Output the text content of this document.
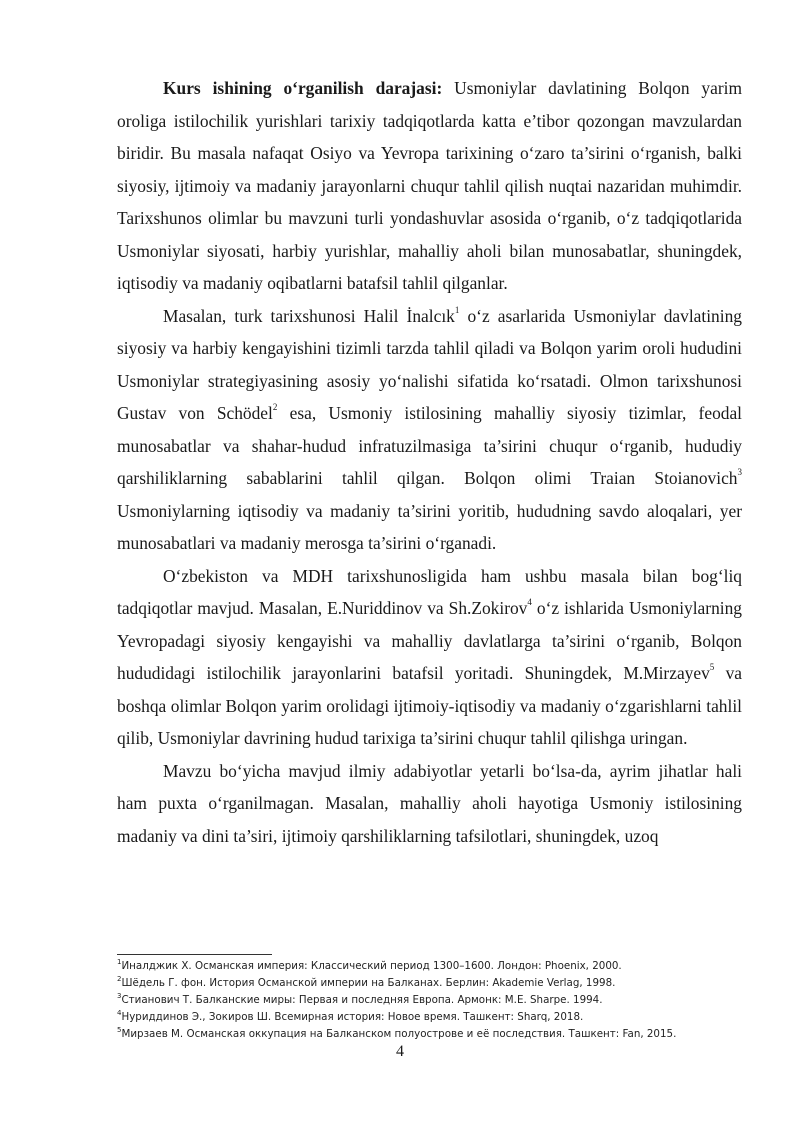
Kurs ishining o‘rganilish darajasi: Usmoniylar davlatining Bolqon yarim oroliga istilochilik yurishlari tarixiy tadqiqotlarda katta e’tibor qozongan mavzulardan biridir. Bu masala nafaqat Osiyo va Yevropa tarixining o‘zaro ta’sirini o‘rganish, balki siyosiy, ijtimoiy va madaniy jarayonlarni chuqur tahlil qilish nuqtai nazaridan muhimdir. Tarixshunos olimlar bu mavzuni turli yondashuvlar asosida o‘rganib, o‘z tadqiqotlarida Usmoniylar siyosati, harbiy yurishlar, mahalliy aholi bilan munosabatlar, shuningdek, iqtisodiy va madaniy oqibatlarni batafsil tahlil qilganlar.

Masalan, turk tarixshunosi Halil İnalcık$^1$ o‘z asarlarida Usmoniylar davlatining siyosiy va harbiy kengayishini tizimli tarzda tahlil qiladi va Bolqon yarim oroli hududini Usmoniylar strategiyasining asosiy yo‘nalishi sifatida ko‘rsatadi. Olmon tarixshunosi Gustav von Schödel$^2$ esa, Usmoniy istilosining mahalliy siyosiy tizimlar, feodal munosabatlar va shahar-hudud infratuzilmasiga ta’sirini chuqur o‘rganib, hududiy qarshiliklarning sabablarini tahlil qilgan. Bolqon olimi Traian Stoianovich$^3$ Usmoniylarning iqtisodiy va madaniy ta’sirini yoritib, hududning savdo aloqalari, yer munosabatlari va madaniy merosga ta’sirini o‘rganadi.

O‘zbekiston va MDH tarixshunosligida ham ushbu masala bilan bog‘liq tadqiqotlar mavjud. Masalan, E.Nuriddinov va Sh.Zokirov$^4$ o‘z ishlarida Usmoniylarning Yevropadagi siyosiy kengayishi va mahalliy davlatlarga ta’sirini o‘rganib, Bolqon hududidagi istilochilik jarayonlarini batafsil yoritadi. Shuningdek, M.Mirzayev$^5$ va boshqa olimlar Bolqon yarim orolidagi ijtimoiy-iqtisodiy va madaniy o‘zgarishlarni tahlil qilib, Usmoniylar davrining hudud tarixiga ta’sirini chuqur tahlil qilishga uringan.

Mavzu bo‘yicha mavjud ilmiy adabiyotlar yetarli bo‘lsa-da, ayrim jihatlar hali ham puxta o‘rganilmagan. Masalan, mahalliy aholi hayotiga Usmoniy istilosining madaniy va dini ta’siri, ijtimoiy qarshiliklarning tafsilotlari, shuningdek, uzoq

$^1$Иналджик Х. Османская империя: Классический период 1300–1600. Лондон: Phoenix, 2000.
$^2$Шёдель Г. фон. История Османской империи на Балканах. Берлин: Akademie Verlag, 1998.
$^3$Стианович Т. Балканские миры: Первая и последняя Европа. Армонк: M.E. Sharpe. 1994.
$^4$Нуриддинов Э., Зокиров Ш. Всемирная история: Новое время. Ташкент: Sharq, 2018.
$^5$Мирзаев М. Османская оккупация на Балканском полуострове и её последствия. Ташкент: Fan, 2015.
4
